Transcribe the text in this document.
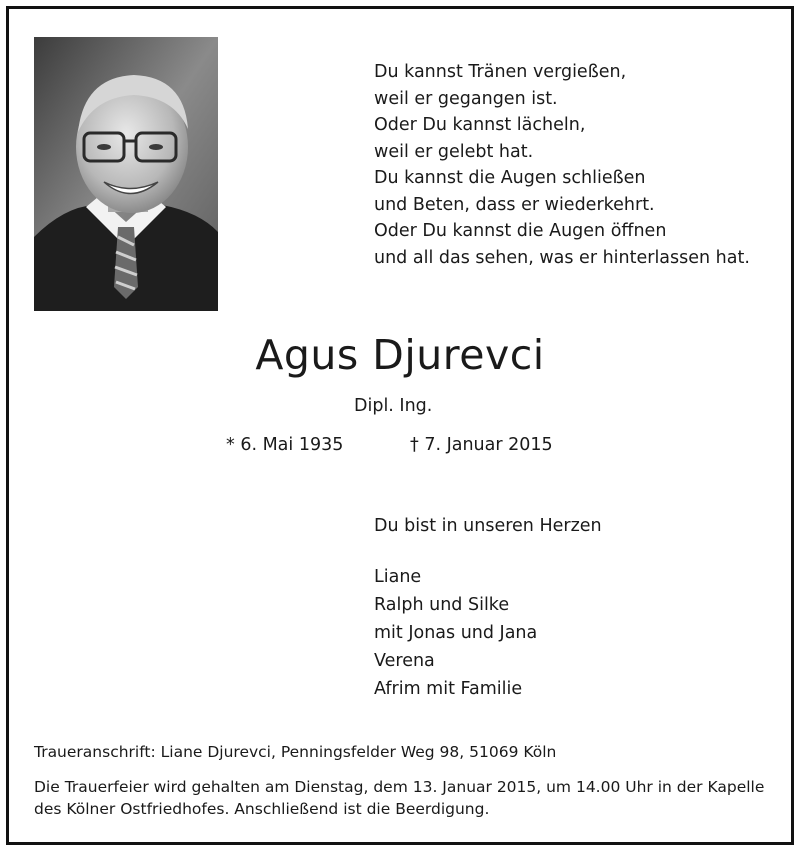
Du kannst Tränen vergießen,
weil er gegangen ist.
Oder Du kannst lächeln,
weil er gelebt hat.
Du kannst die Augen schließen
und Beten, dass er wiederkehrt.
Oder Du kannst die Augen öffnen
und all das sehen, was er hinterlassen hat.
Agus Djurevci
Dipl. Ing.
* 6. Mai 1935	† 7. Januar 2015
Du bist in unseren Herzen
Liane
Ralph und Silke
mit Jonas und Jana
Verena
Afrim mit Familie
Traueranschrift: Liane Djurevci, Penningsfelder Weg 98, 51069 Köln
Die Trauerfeier wird gehalten am Dienstag, dem 13. Januar 2015, um 14.00 Uhr in der Kapelle des Kölner Ostfriedhofes. Anschließend ist die Beerdigung.
